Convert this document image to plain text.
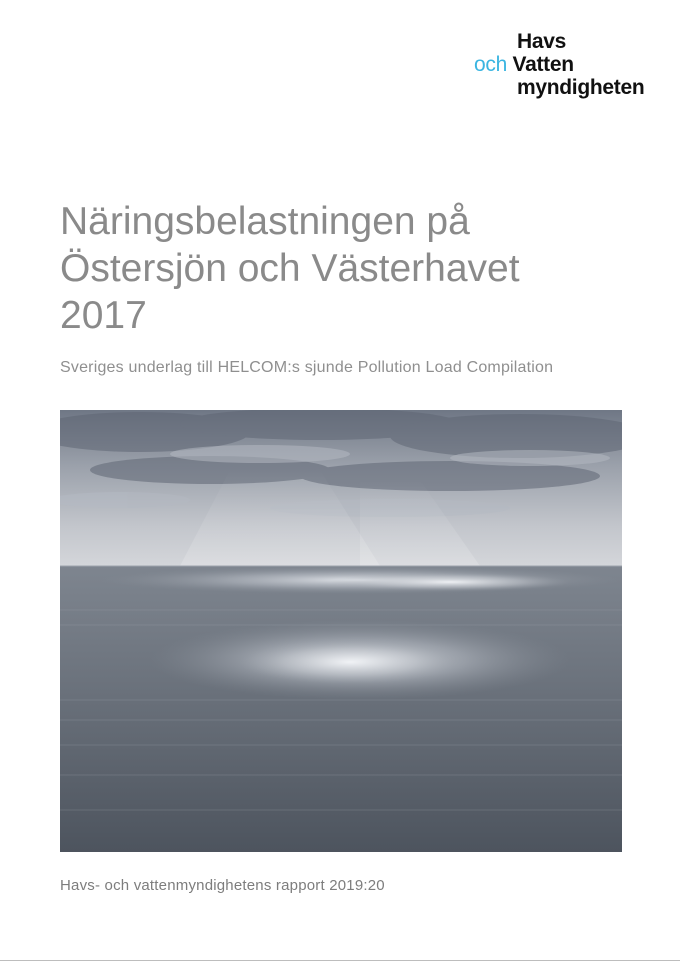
Havs
och Vatten
myndigheten
Näringsbelastningen på
Östersjön och Västerhavet
2017

Sveriges underlag till HELCOM:s sjunde Pollution Load Compilation

Havs- och vattenmyndighetens rapport 2019:20
